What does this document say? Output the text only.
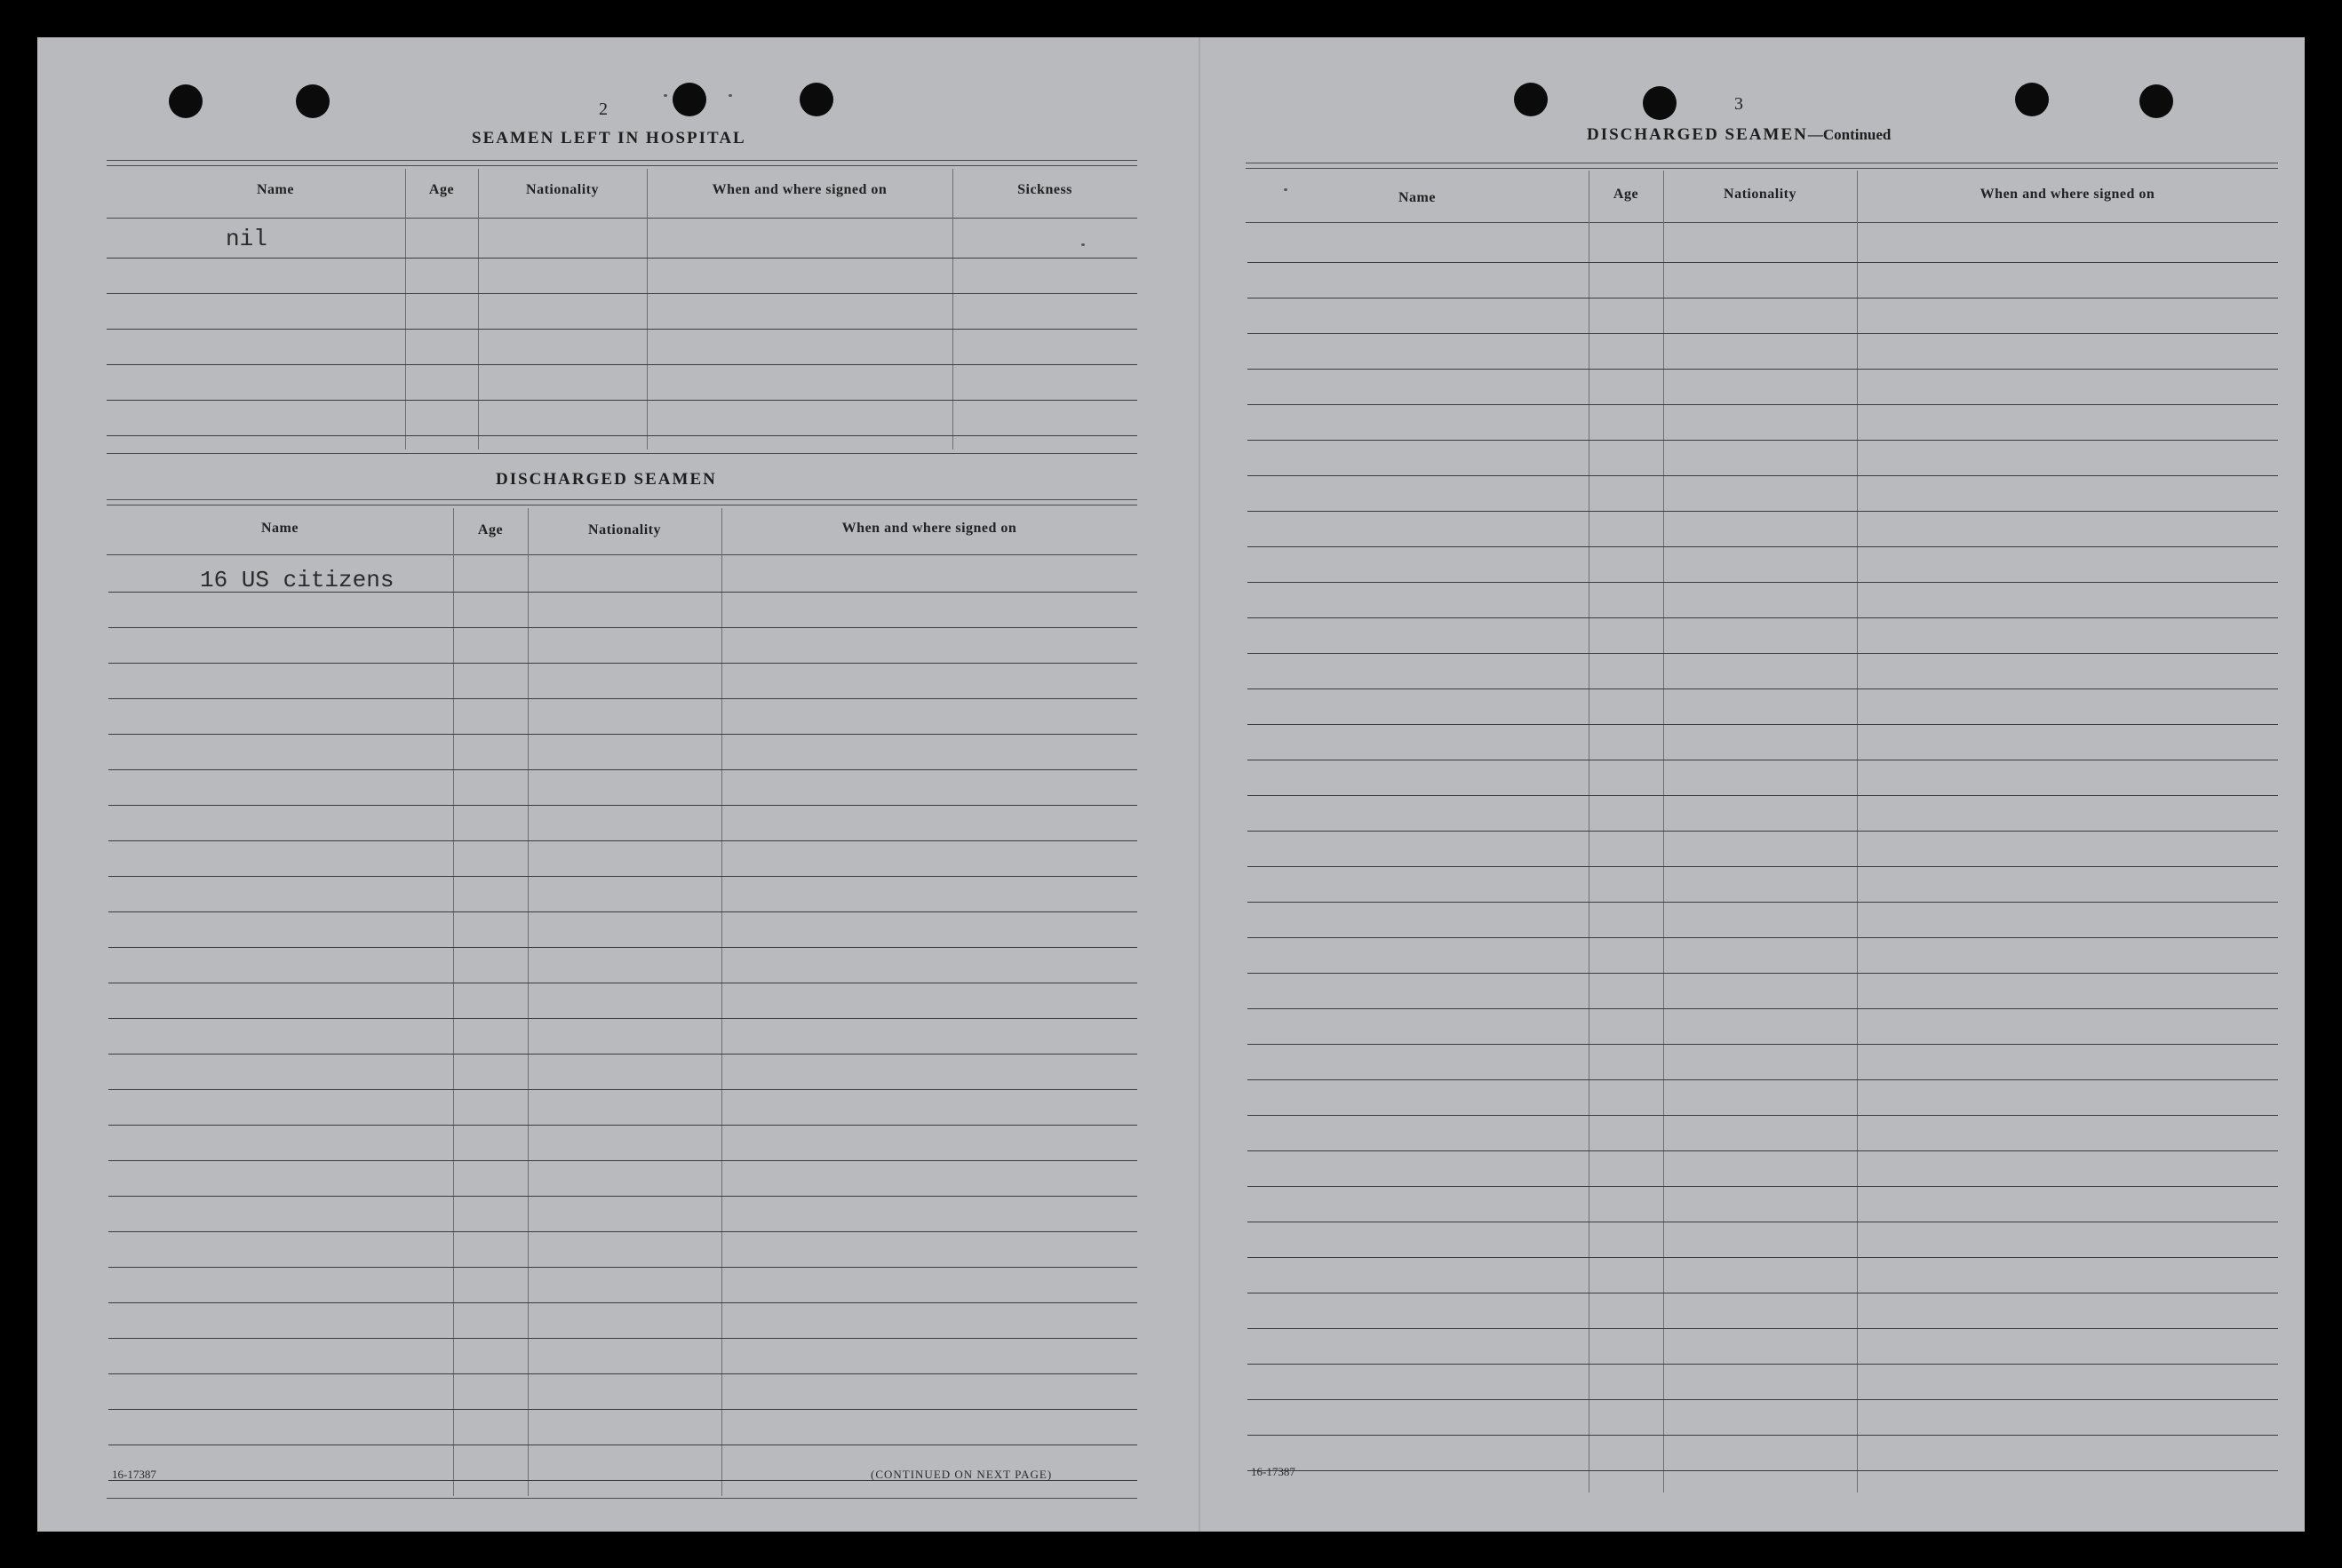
2
SEAMEN LEFT IN HOSPITAL
Name	Age	Nationality	When and where signed on	Sickness
nil
DISCHARGED SEAMEN
Name	Age	Nationality	When and where signed on
16 US citizens
16-17387	(CONTINUED ON NEXT PAGE)
3
DISCHARGED SEAMEN—Continued
Name	Age	Nationality	When and where signed on
16-17387
